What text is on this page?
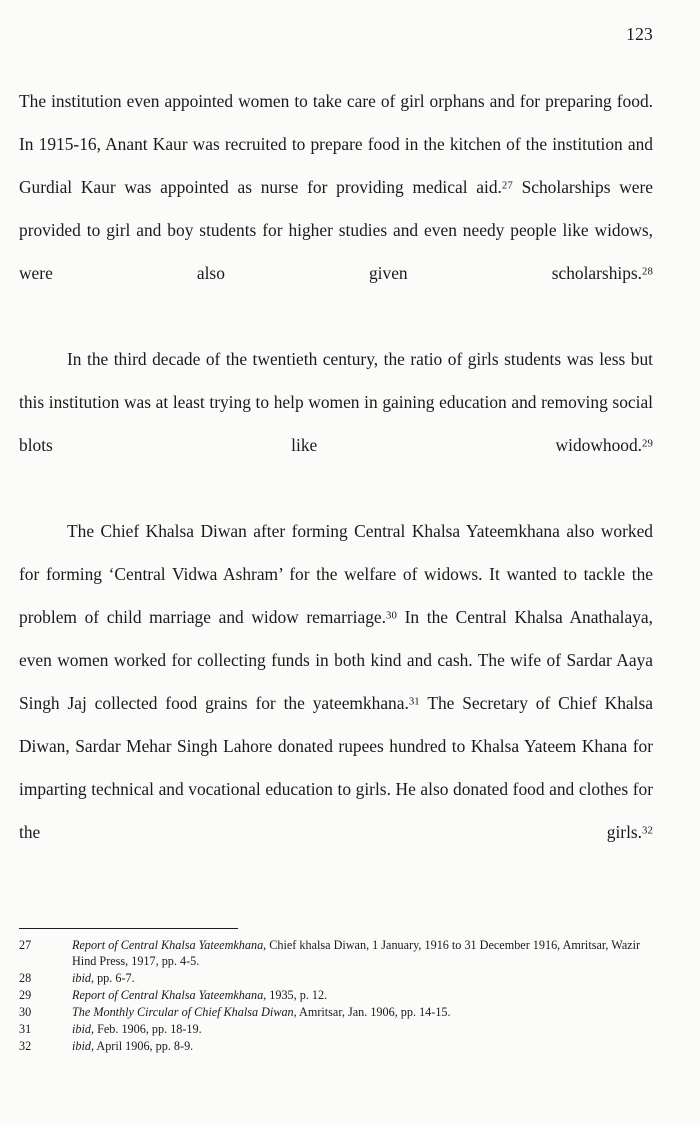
123

The institution even appointed women to take care of girl orphans and for preparing food. In 1915-16, Anant Kaur was recruited to prepare food in the kitchen of the institution and Gurdial Kaur was appointed as nurse for providing medical aid.$^{27}$ Scholarships were provided to girl and boy students for higher studies and even needy people like widows, were also given scholarships.$^{28}$

In the third decade of the twentieth century, the ratio of girls students was less but this institution was at least trying to help women in gaining education and removing social blots like widowhood.$^{29}$

The Chief Khalsa Diwan after forming Central Khalsa Yateemkhana also worked for forming ‘Central Vidwa Ashram’ for the welfare of widows. It wanted to tackle the problem of child marriage and widow remarriage.$^{30}$ In the Central Khalsa Anathalaya, even women worked for collecting funds in both kind and cash. The wife of Sardar Aaya Singh Jaj collected food grains for the yateemkhana.$^{31}$ The Secretary of Chief Khalsa Diwan, Sardar Mehar Singh Lahore donated rupees hundred to Khalsa Yateem Khana for imparting technical and vocational education to girls. He also donated food and clothes for the girls.$^{32}$

27	Report of Central Khalsa Yateemkhana, Chief khalsa Diwan, 1 January, 1916 to 31 December 1916, Amritsar, Wazir Hind Press, 1917, pp. 4-5.
28	ibid, pp. 6-7.
29	Report of Central Khalsa Yateemkhana, 1935, p. 12.
30	The Monthly Circular of Chief Khalsa Diwan, Amritsar, Jan. 1906, pp. 14-15.
31	ibid, Feb. 1906, pp. 18-19.
32	ibid, April 1906, pp. 8-9.
